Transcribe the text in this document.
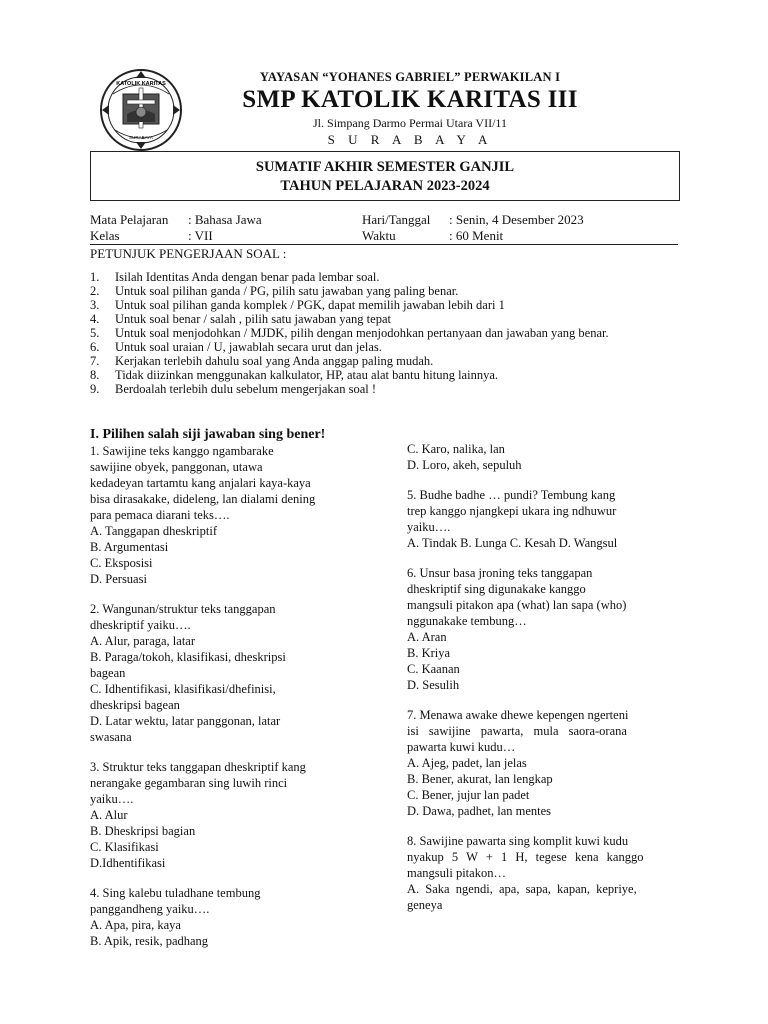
KATOLIK KARITAS
SURABAYA
YAYASAN “YOHANES GABRIEL” PERWAKILAN I
SMP KATOLIK KARITAS III
Jl. Simpang Darmo Permai Utara VII/11
S U R A B A Y A
SUMATIF AKHIR SEMESTER GANJIL
TAHUN PELAJARAN 2023-2024
Mata Pelajaran : Bahasa Jawa	Hari/Tanggal : Senin, 4 Desember 2023
Kelas	: VII	Waktu	: 60 Menit
PETUNJUK PENGERJAAN SOAL :
1. Isilah Identitas Anda dengan benar pada lembar soal.
2. Untuk soal pilihan ganda / PG, pilih satu jawaban yang paling benar.
3. Untuk soal pilihan ganda komplek / PGK, dapat memilih jawaban lebih dari 1
4. Untuk soal benar / salah , pilih satu jawaban yang tepat
5. Untuk soal menjodohkan / MJDK, pilih dengan menjodohkan pertanyaan dan jawaban yang benar.
6. Untuk soal uraian / U, jawablah secara urut dan jelas.
7. Kerjakan terlebih dahulu soal yang Anda anggap paling mudah.
8. Tidak diizinkan menggunakan kalkulator, HP, atau alat bantu hitung lainnya.
9. Berdoalah terlebih dulu sebelum mengerjakan soal !
I. Pilihen salah siji jawaban sing bener!

1. Sawijine teks kanggo ngambarake

sawijine obyek, panggonan, utawa

kedadeyan tartamtu kang anjalari kaya-kaya

bisa dirasakake, dideleng, lan dialami dening

para pemaca diarani teks….

A. Tanggapan dheskriptif

B. Argumentasi

C. Eksposisi

D. Persuasi

2. Wangunan/struktur teks tanggapan

dheskriptif yaiku….

A. Alur, paraga, latar

B. Paraga/tokoh, klasifikasi, dheskripsi

bagean

C. Idhentifikasi, klasifikasi/dhefinisi,

dheskripsi bagean

D. Latar wektu, latar panggonan, latar

swasana

3. Struktur teks tanggapan dheskriptif kang

nerangake gegambaran sing luwih rinci

yaiku….

A. Alur

B. Dheskripsi bagian

C. Klasifikasi

D.Idhentifikasi

4. Sing kalebu tuladhane tembung

panggandheng yaiku….

A. Apa, pira, kaya

B. Apik, resik, padhang

C. Karo, nalika, lan

D. Loro, akeh, sepuluh

5. Budhe badhe … pundi? Tembung kang

trep kanggo njangkepi ukara ing ndhuwur

yaiku….

A. Tindak B. Lunga C. Kesah D. Wangsul

6. Unsur basa jroning teks tanggapan

dheskriptif sing digunakake kanggo

mangsuli pitakon apa (what) lan sapa (who)

nggunakake tembung…

A. Aran

B. Kriya

C. Kaanan

D. Sesulih

7. Menawa awake dhewe kepengen ngerteni

isi sawijine pawarta, mula saora-orana

pawarta kuwi kudu…

A. Ajeg, padet, lan jelas

B. Bener, akurat, lan lengkap

C. Bener, jujur lan padet

D. Dawa, padhet, lan mentes

8. Sawijine pawarta sing komplit kuwi kudu

nyakup 5 W + 1 H, tegese kena kanggo

mangsuli pitakon…

A. Saka ngendi, apa, sapa, kapan, kepriye,

geneya
